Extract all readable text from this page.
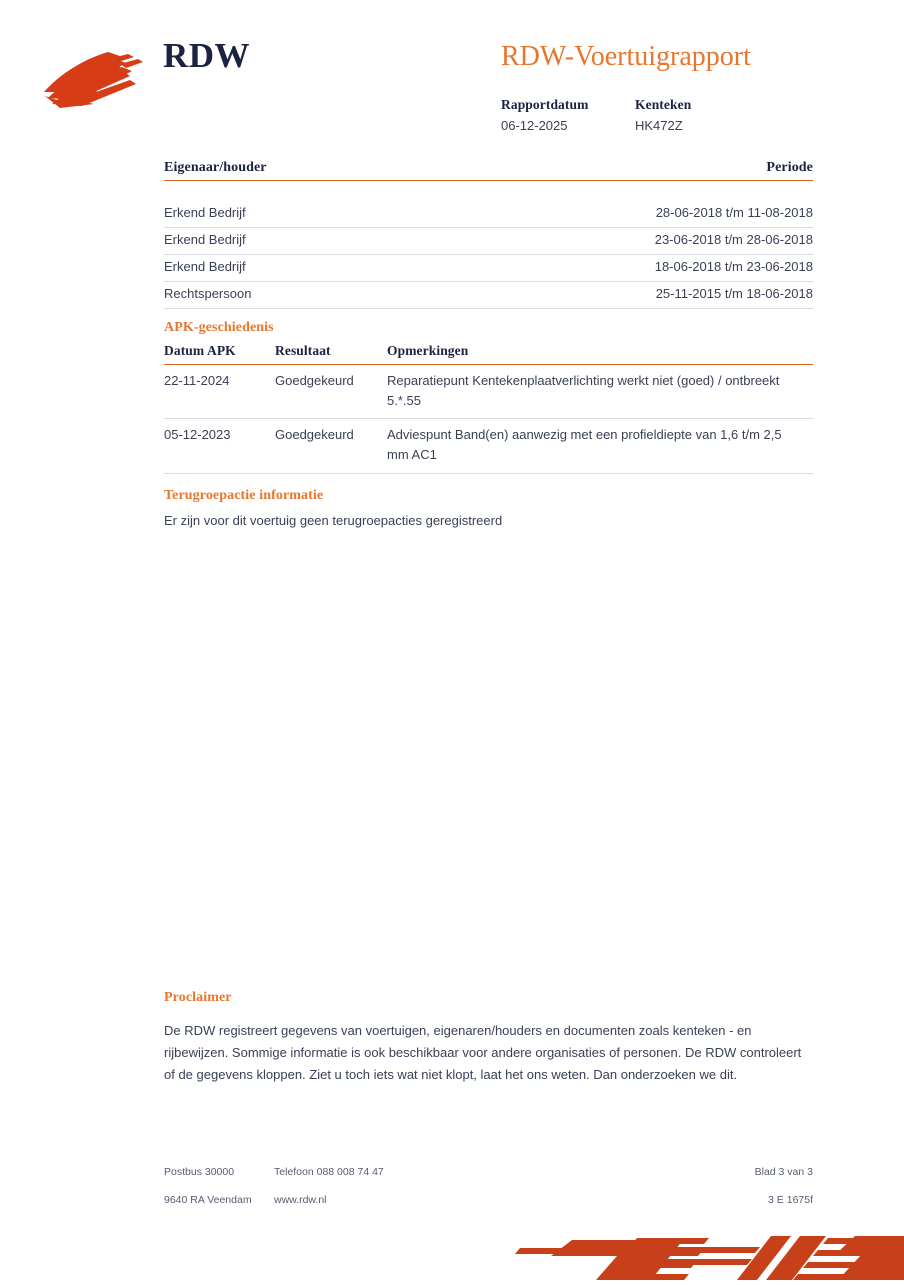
RDW	RDW-Voertuigrapport
Rapportdatum
06-12-2025
Kenteken
HK472Z
Eigenaar/houder	Periode
Erkend Bedrijf	28-06-2018 t/m 11-08-2018
Erkend Bedrijf	23-06-2018 t/m 28-06-2018
Erkend Bedrijf	18-06-2018 t/m 23-06-2018
Rechtspersoon	25-11-2015 t/m 18-06-2018
APK-geschiedenis
Datum APK	Resultaat	Opmerkingen
22-11-2024	Goedgekeurd	Reparatiepunt Kentekenplaatverlichting werkt niet (goed) / ontbreekt 5.*.55
05-12-2023	Goedgekeurd	Adviespunt Band(en) aanwezig met een profieldiepte van 1,6 t/m 2,5 mm AC1
Terugroepactie informatie

Er zijn voor dit voertuig geen terugroepacties geregistreerd

Proclaimer

De RDW registreert gegevens van voertuigen, eigenaren/houders en documenten zoals kenteken - en rijbewijzen. Sommige informatie is ook beschikbaar voor andere organisaties of personen. De RDW controleert of de gegevens kloppen. Ziet u toch iets wat niet klopt, laat het ons weten. Dan onderzoeken we dit.

Postbus 30000	Telefoon 088 008 74 47	Blad 3 van 3
9640 RA Veendam	www.rdw.nl	3 E 1675f
